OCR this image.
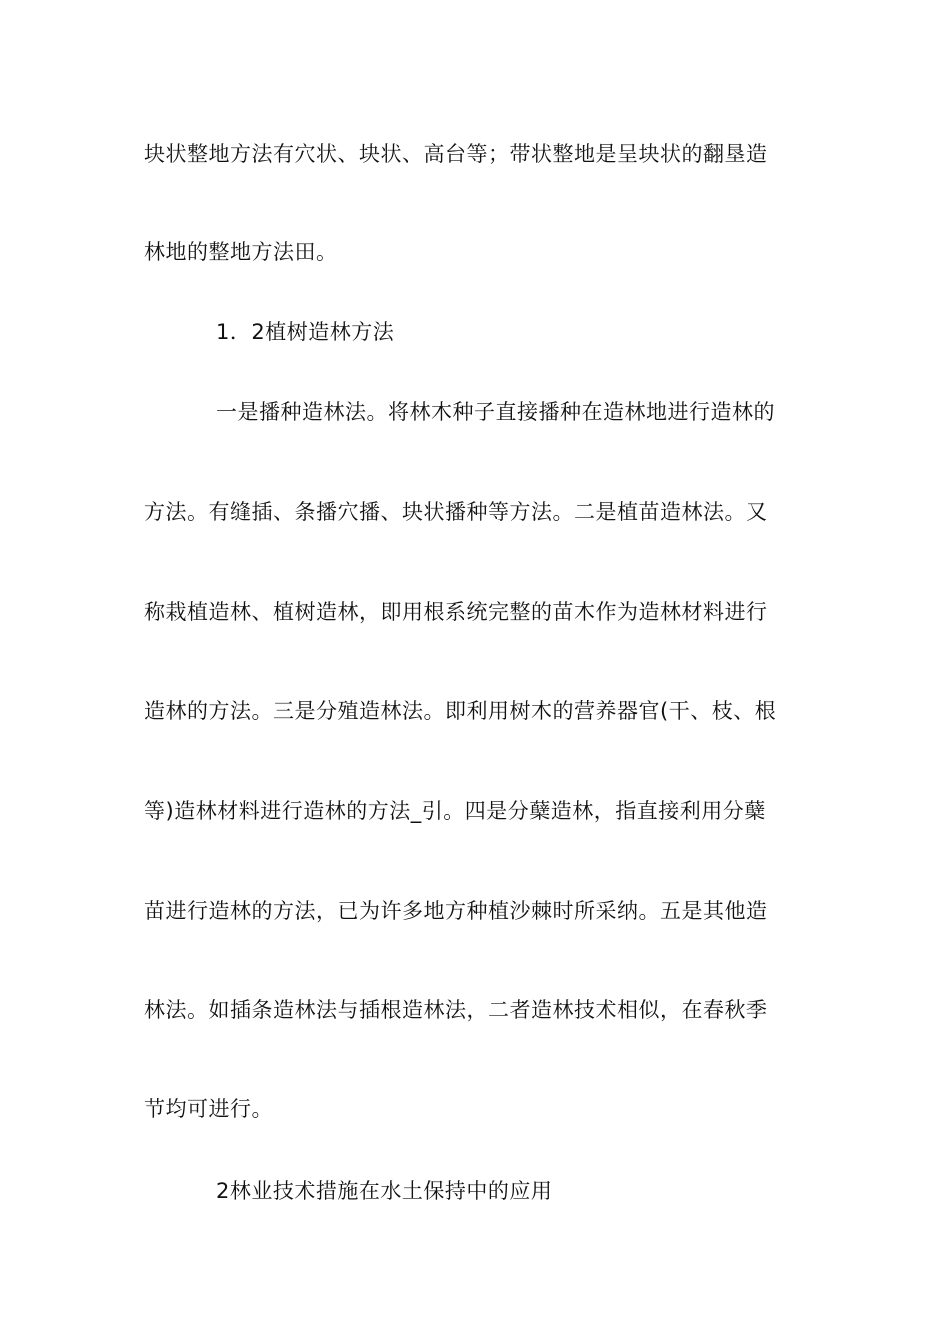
块状整地方法有穴状、块状、高台等；带状整地是呈块状的翻垦造
林地的整地方法田。
1．2植树造林方法
一是播种造林法。将林木种子直接播种在造林地进行造林的
方法。有缝插、条播穴播、块状播种等方法。二是植苗造林法。又
称栽植造林、植树造林，即用根系统完整的苗木作为造林材料进行
造林的方法。三是分殖造林法。即利用树木的营养器官(干、枝、根
等)造林材料进行造林的方法_引。四是分蘖造林，指直接利用分蘖
苗进行造林的方法，已为许多地方种植沙棘时所采纳。五是其他造
林法。如插条造林法与插根造林法，二者造林技术相似，在春秋季
节均可进行。
2林业技术措施在水土保持中的应用
